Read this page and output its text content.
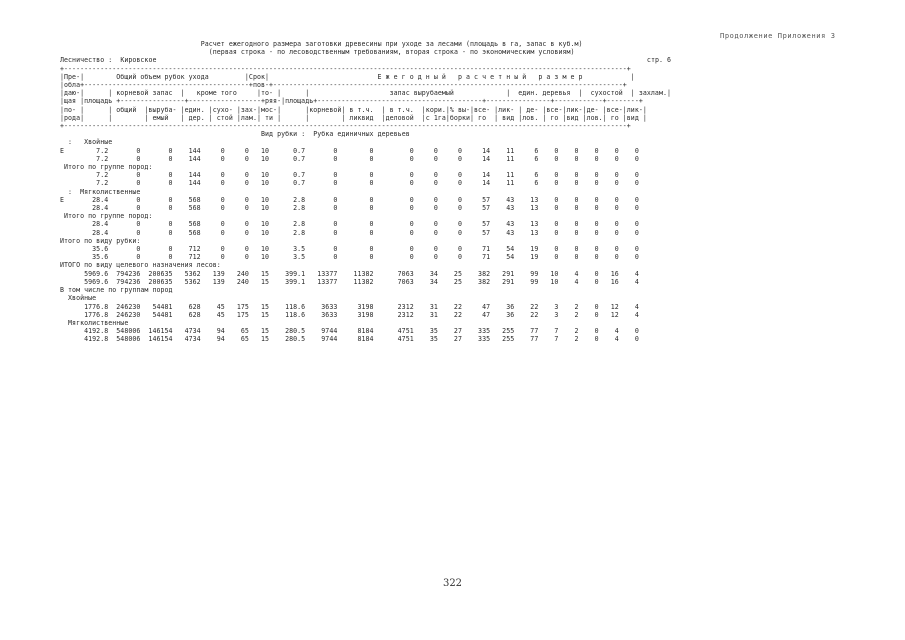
Продолжение Приложения 3
Расчет ежегодного размера заготовки древесины при уходе за лесами (площадь в га, запас в куб.м)
(первая строка - по лесоводственным требованиям, вторая строка - по экономическим условиям)
Лесничество : Кировское	стр. 6
+--------------------------------------------------------------------------------------------------------------------------------------------+
|Пре-|        Общий объем рубок ухода         |Срок|                           Е ж е г о д н ы й   р а с ч е т н ы й   р а з м е р            |
|обла+-----------------------------------------+пов-+---------------------------------------------------------------------------------------+
|даю-|      | корневой запас  |   кроме того     |то- |      |                    запас вырубаемый             |  един. деревья  |  сухостой  | захлам.|
|щая |площадь +----------------+------------------+ряя-|площадь+-----------------------------------------+----------------+------------+--------+
|по- |      | общий  |вырубa- |един. |сухо- |зах-|мос-|      |корневой| в т.ч.  | в т.ч.  |кори.|% вы-|все- |лик- | де- |все-|лик-|де- |все-|лик-|
|рода|      |        | емый   | дер. | стой |лам.| ти |      |        | ликвид  |деловой  |с 1га|борки| го  | вид |лов. | го |вид |лов.| го |вид |
+--------------------------------------------------------------------------------------------------------------------------------------------+
Вид рубки : Рубка единичных деревьев
:   Хвойные
Е        7.2       0       0    144     0     0   10      0.7       0        0         0     0     0     14    11     6    0    0    0    0    0
7.2       0       0    144     0     0   10      0.7       0        0         0     0     0     14    11     6    0    0    0    0    0
Итого по группе пород:
7.2       0       0    144     0     0   10      0.7       0        0         0     0     0     14    11     6    0    0    0    0    0
7.2       0       0    144     0     0   10      0.7       0        0         0     0     0     14    11     6    0    0    0    0    0
:  Мягколиственные
Е       28.4       0       0    568     0     0   10      2.8       0        0         0     0     0     57    43    13    0    0    0    0    0
28.4       0       0    568     0     0   10      2.8       0        0         0     0     0     57    43    13    0    0    0    0    0
Итого по группе пород:
28.4       0       0    568     0     0   10      2.8       0        0         0     0     0     57    43    13    0    0    0    0    0
28.4       0       0    568     0     0   10      2.8       0        0         0     0     0     57    43    13    0    0    0    0    0
Итого по виду рубки:
35.6       0       0    712     0     0   10      3.5       0        0         0     0     0     71    54    19    0    0    0    0    0
35.6       0       0    712     0     0   10      3.5       0        0         0     0     0     71    54    19    0    0    0    0    0
ИТОГО по виду целевого назначения лесов:
5969.6  794236  200635   5362   139   240   15    399.1   13377    11382      7063    34    25    382   291    99   10    4    0   16    4
5969.6  794236  200635   5362   139   240   15    399.1   13377    11382      7063    34    25    382   291    99   10    4    0   16    4
В том числе по группам пород
Хвойные
1776.8  246230   54481    628    45   175   15    118.6    3633     3198      2312    31    22     47    36    22    3    2    0   12    4
1776.8  246230   54481    628    45   175   15    118.6    3633     3198      2312    31    22     47    36    22    3    2    0   12    4
Мягколиственные
4192.8  548006  146154   4734    94    65   15    280.5    9744     8184      4751    35    27    335   255    77    7    2    0    4    0
4192.8  548006  146154   4734    94    65   15    280.5    9744     8184      4751    35    27    335   255    77    7    2    0    4    0
322
